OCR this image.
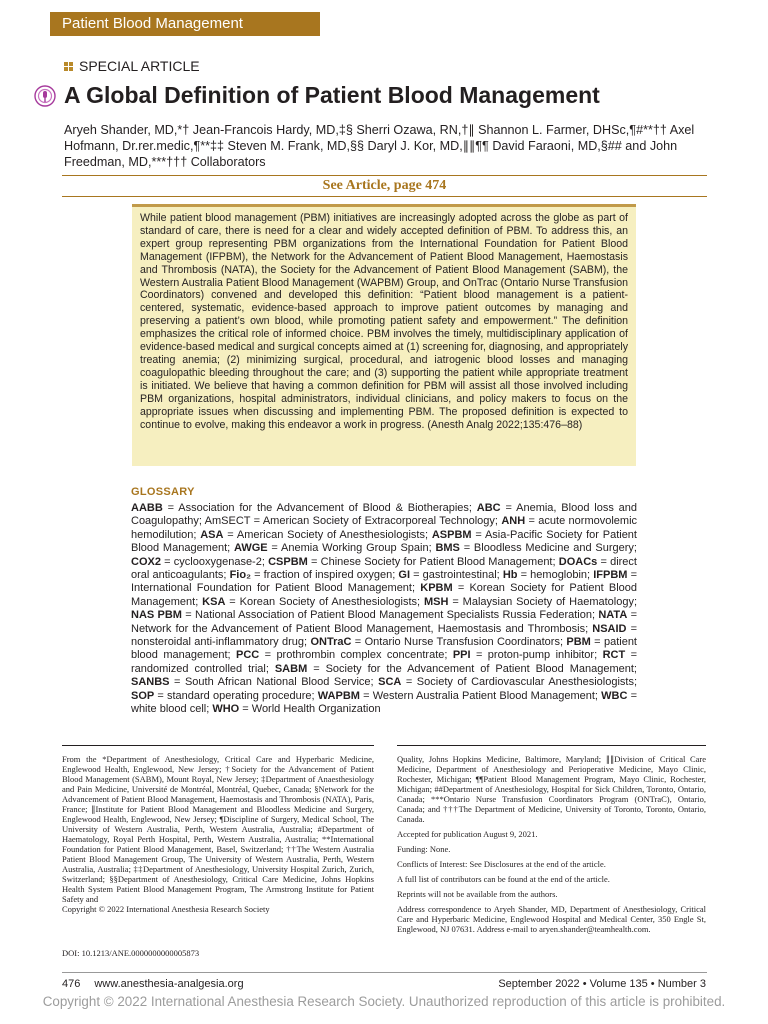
Patient Blood Management
SPECIAL ARTICLE
A Global Definition of Patient Blood Management
Aryeh Shander, MD,*† Jean-Francois Hardy, MD,‡§ Sherri Ozawa, RN,†∥ Shannon L. Farmer, DHSc,¶#**†† Axel Hofmann, Dr.rer.medic,¶**‡‡ Steven M. Frank, MD,§§ Daryl J. Kor, MD,∥∥¶¶ David Faraoni, MD,§## and John Freedman, MD,***††† Collaborators
See Article, page 474
While patient blood management (PBM) initiatives are increasingly adopted across the globe as part of standard of care, there is need for a clear and widely accepted definition of PBM. To address this, an expert group representing PBM organizations from the International Foundation for Patient Blood Management (IFPBM), the Network for the Advancement of Patient Blood Management, Haemostasis and Thrombosis (NATA), the Society for the Advancement of Patient Blood Management (SABM), the Western Australia Patient Blood Management (WAPBM) Group, and OnTrac (Ontario Nurse Transfusion Coordinators) convened and developed this definition: “Patient blood management is a patient-centered, systematic, evidence-based approach to improve patient outcomes by managing and preserving a patient’s own blood, while promoting patient safety and empowerment.” The definition emphasizes the critical role of informed choice. PBM involves the timely, multidisciplinary application of evidence-based medical and surgical concepts aimed at (1) screening for, diagnosing, and appropriately treating anemia; (2) minimizing surgical, procedural, and iatrogenic blood losses and managing coagulopathic bleeding throughout the care; and (3) supporting the patient while appropriate treatment is initiated. We believe that having a common definition for PBM will assist all those involved including PBM organizations, hospital administrators, individual clinicians, and policy makers to focus on the appropriate issues when discussing and implementing PBM. The proposed definition is expected to continue to evolve, making this endeavor a work in progress. (Anesth Analg 2022;135:476–88)
GLOSSARY
AABB = Association for the Advancement of Blood & Biotherapies; ABC = Anemia, Blood loss and Coagulopathy; AmSECT = American Society of Extracorporeal Technology; ANH = acute normovolemic hemodilution; ASA = American Society of Anesthesiologists; ASPBM = Asia-Pacific Society for Patient Blood Management; AWGE = Anemia Working Group Spain; BMS = Bloodless Medicine and Surgery; COX2 = cyclooxygenase-2; CSPBM = Chinese Society for Patient Blood Management; DOACs = direct oral anticoagulants; Fio₂ = fraction of inspired oxygen; GI = gastrointestinal; Hb = hemoglobin; IFPBM = International Foundation for Patient Blood Management; KPBM = Korean Society for Patient Blood Management; KSA = Korean Society of Anesthesiologists; MSH = Malaysian Society of Haematology; NAS PBM = National Association of Patient Blood Management Specialists Russia Federation; NATA = Network for the Advancement of Patient Blood Management, Haemostasis and Thrombosis; NSAID = nonsteroidal anti-inflammatory drug; ONTraC = Ontario Nurse Transfusion Coordinators; PBM = patient blood management; PCC = prothrombin complex concentrate; PPI = proton-pump inhibitor; RCT = randomized controlled trial; SABM = Society for the Advancement of Patient Blood Management; SANBS = South African National Blood Service; SCA = Society of Cardiovascular Anesthesiologists; SOP = standard operating procedure; WAPBM = Western Australia Patient Blood Management; WBC = white blood cell; WHO = World Health Organization
From the *Department of Anesthesiology, Critical Care and Hyperbaric Medicine, Englewood Health, Englewood, New Jersey; †Society for the Advancement of Patient Blood Management (SABM), Mount Royal, New Jersey; ‡Department of Anaesthesiology and Pain Medicine, Université de Montréal, Montréal, Quebec, Canada; §Network for the Advancement of Patient Blood Management, Haemostasis and Thrombosis (NATA), Paris, France; ∥Institute for Patient Blood Management and Bloodless Medicine and Surgery, Englewood Health, Englewood, New Jersey; ¶Discipline of Surgery, Medical School, The University of Western Australia, Perth, Western Australia, Australia; #Department of Haematology, Royal Perth Hospital, Perth, Western Australia, Australia; **International Foundation for Patient Blood Management, Basel, Switzerland; ††The Western Australia Patient Blood Management Group, The University of Western Australia, Perth, Western Australia, Australia; ‡‡Department of Anesthesiology, University Hospital Zurich, Zurich, Switzerland; §§Department of Anesthesiology, Critical Care Medicine, Johns Hopkins Health System Patient Blood Management Program, The Armstrong Institute for Patient Safety and
Copyright © 2022 International Anesthesia Research Society
DOI: 10.1213/ANE.0000000000005873

Quality, Johns Hopkins Medicine, Baltimore, Maryland; ∥∥Division of Critical Care Medicine, Department of Anesthesiology and Perioperative Medicine, Mayo Clinic, Rochester, Michigan; ¶¶Patient Blood Management Program, Mayo Clinic, Rochester, Michigan; ##Department of Anesthesiology, Hospital for Sick Children, Toronto, Ontario, Canada; ***Ontario Nurse Transfusion Coordinators Program (ONTraC), Ontario, Canada; and †††The Department of Medicine, University of Toronto, Toronto, Ontario, Canada.

Accepted for publication August 9, 2021.

Funding: None.

Conflicts of Interest: See Disclosures at the end of the article.

A full list of contributors can be found at the end of the article.

Reprints will not be available from the authors.

Address correspondence to Aryeh Shander, MD, Department of Anesthesiology, Critical Care and Hyperbaric Medicine, Englewood Hospital and Medical Center, 350 Engle St, Englewood, NJ 07631. Address e-mail to aryen.shander@teamhealth.com.

476 www.anesthesia-analgesia.org	September 2022 • Volume 135 • Number 3
Copyright © 2022 International Anesthesia Research Society. Unauthorized reproduction of this article is prohibited.
